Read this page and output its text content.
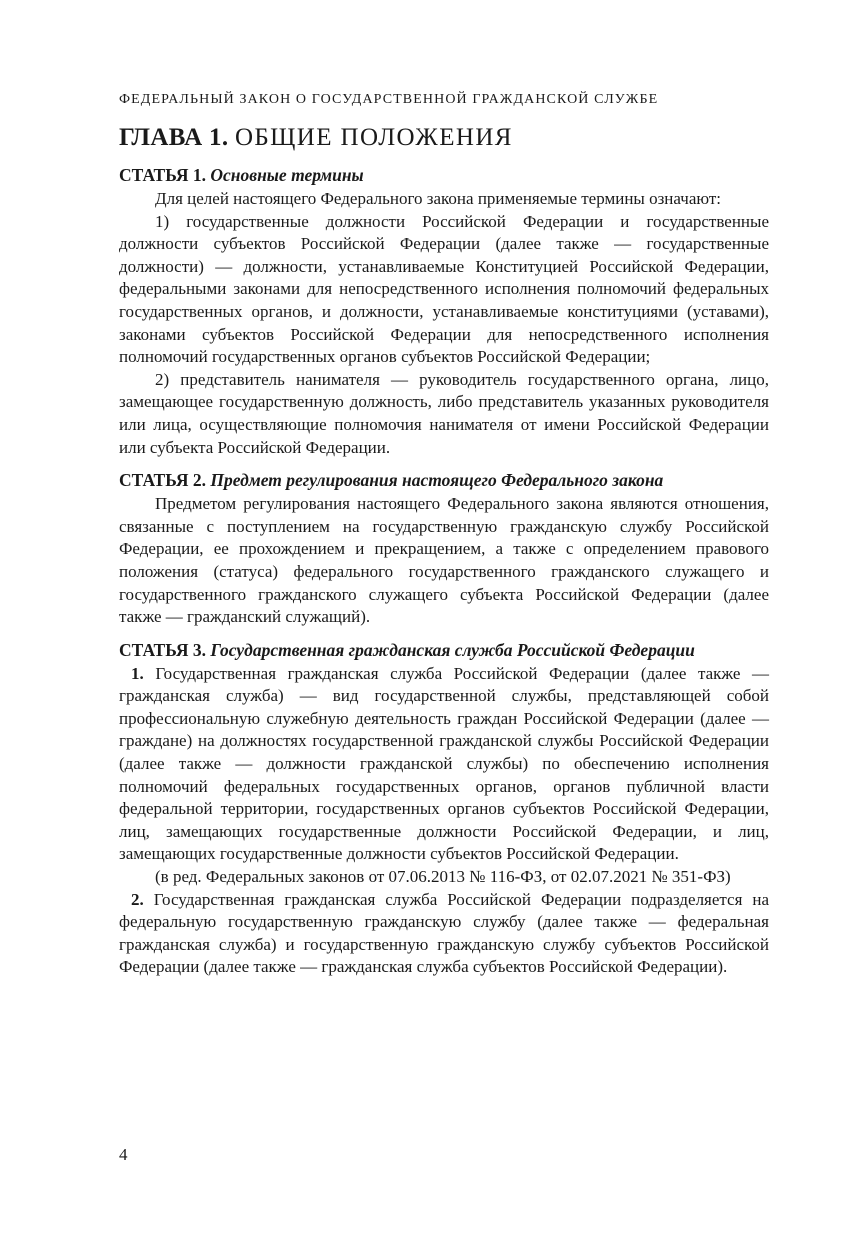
ФЕДЕРАЛЬНЫЙ ЗАКОН О ГОСУДАРСТВЕННОЙ ГРАЖДАНСКОЙ СЛУЖБЕ
ГЛАВА 1. ОБЩИЕ ПОЛОЖЕНИЯ
СТАТЬЯ 1. Основные термины

Для целей настоящего Федерального закона применяемые термины означают:

1) государственные должности Российской Федерации и государственные должности субъектов Российской Федерации (далее также — государственные должности) — должности, устанавливаемые Конституцией Российской Федерации, федеральными законами для непосредственного исполнения полномочий федеральных государственных органов, и должности, устанавливаемые конституциями (уставами), законами субъектов Российской Федерации для непосредственного исполнения полномочий государственных органов субъектов Российской Федерации;

2) представитель нанимателя — руководитель государственного органа, лицо, замещающее государственную должность, либо представитель указанных руководителя или лица, осуществляющие полномочия нанимателя от имени Российской Федерации или субъекта Российской Федерации.

СТАТЬЯ 2. Предмет регулирования настоящего Федерального закона

Предметом регулирования настоящего Федерального закона являются отношения, связанные с поступлением на государственную гражданскую службу Российской Федерации, ее прохождением и прекращением, а также с определением правового положения (статуса) федерального государственного гражданского служащего и государственного гражданского служащего субъекта Российской Федерации (далее также — гражданский служащий).

СТАТЬЯ 3. Государственная гражданская служба Российской Федерации

1. Государственная гражданская служба Российской Федерации (далее также — гражданская служба) — вид государственной службы, представляющей собой профессиональную служебную деятельность граждан Российской Федерации (далее — граждане) на должностях государственной гражданской службы Российской Федерации (далее также — должности гражданской службы) по обеспечению исполнения полномочий федеральных государственных органов, органов публичной власти федеральной территории, государственных органов субъектов Российской Федерации, лиц, замещающих государственные должности Российской Федерации, и лиц, замещающих государственные должности субъектов Российской Федерации.

(в ред. Федеральных законов от 07.06.2013 № 116-ФЗ, от 02.07.2021 № 351-ФЗ)

2. Государственная гражданская служба Российской Федерации подразделяется на федеральную государственную гражданскую службу (далее также — федеральная гражданская служба) и государственную гражданскую службу субъектов Российской Федерации (далее также — гражданская служба субъектов Российской Федерации).

4
